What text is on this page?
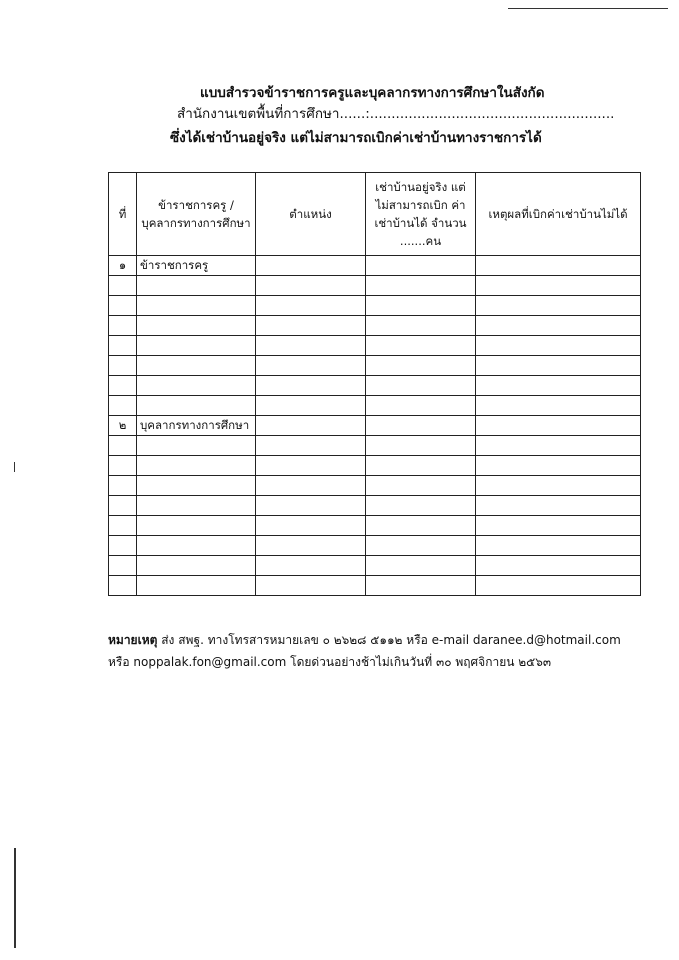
แบบสำรวจข้าราชการครูและบุคลากรทางการศึกษาในสังกัด
สำนักงานเขตพื้นที่การศึกษา......:.........................................................
ซึ่งได้เช่าบ้านอยู่จริง แต่ไม่สามารถเบิกค่าเช่าบ้านทางราชการได้
ที่	ข้าราชการครู / บุคลากรทางการศึกษา	ตำแหน่ง	เช่าบ้านอยู่จริง แต่ไม่สามารถเบิก ค่าเช่าบ้านได้ จำนวน .......คน	เหตุผลที่เบิกค่าเช่าบ้านไม่ได้
๑	ข้าราชการครู			

๒	บุคลากรทางการศึกษา			

หมายเหตุ ส่ง สพฐ. ทางโทรสารหมายเลข ๐ ๒๖๒๘ ๕๑๑๒ หรือ e-mail daranee.d@hotmail.com
หรือ noppalak.fon@gmail.com โดยด่วนอย่างช้าไม่เกินวันที่ ๓๐ พฤศจิกายน ๒๕๖๓
